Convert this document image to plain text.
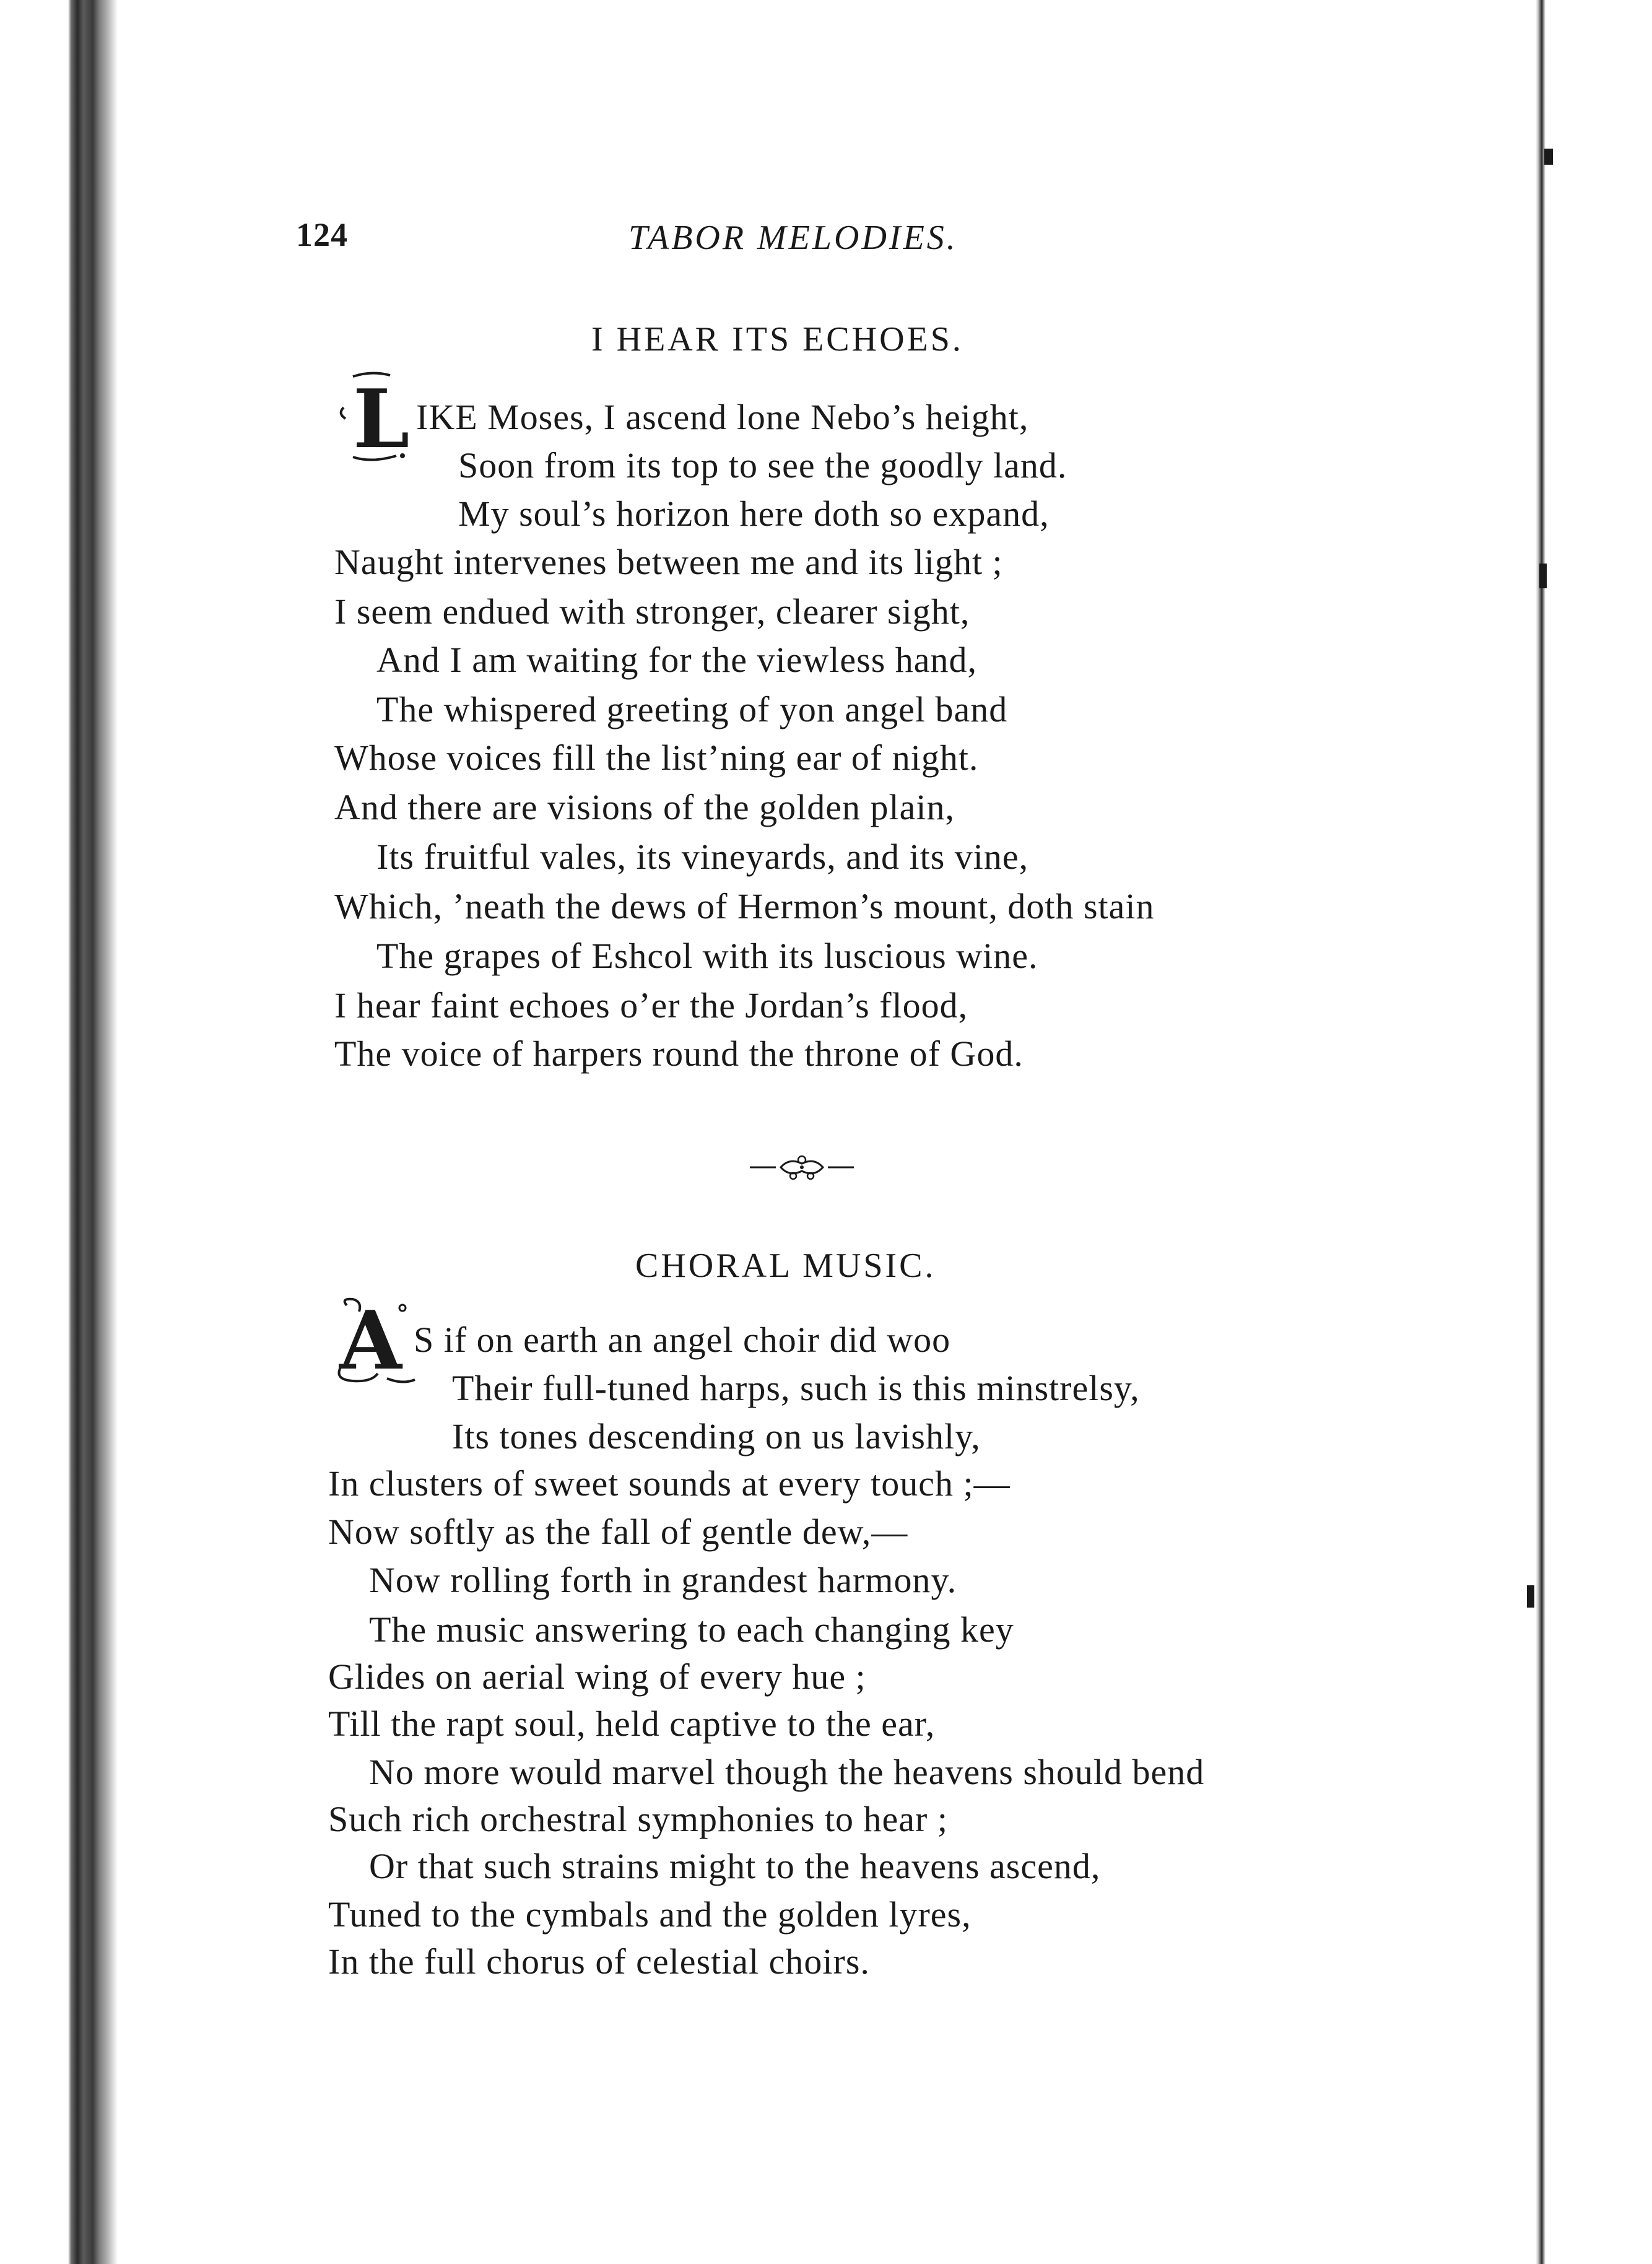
124	TABOR MELODIES.
I HEAR ITS ECHOES.
L IKE Moses, I ascend lone Nebo’s height,
Soon from its top to see the goodly land.
My soul’s horizon here doth so expand,
Naught intervenes between me and its light ;
I seem endued with stronger, clearer sight,
And I am waiting for the viewless hand,
The whispered greeting of yon angel band
Whose voices fill the list’ning ear of night.
And there are visions of the golden plain,
Its fruitful vales, its vineyards, and its vine,
Which, ’neath the dews of Hermon’s mount, doth stain
The grapes of Eshcol with its luscious wine.
I hear faint echoes o’er the Jordan’s flood,
The voice of harpers round the throne of God.
CHORAL MUSIC.
A S if on earth an angel choir did woo
Their full-tuned harps, such is this minstrelsy,
Its tones descending on us lavishly,
In clusters of sweet sounds at every touch ;—
Now softly as the fall of gentle dew,—
Now rolling forth in grandest harmony.
The music answering to each changing key
Glides on aerial wing of every hue ;
Till the rapt soul, held captive to the ear,
No more would marvel though the heavens should bend
Such rich orchestral symphonies to hear ;
Or that such strains might to the heavens ascend,
Tuned to the cymbals and the golden lyres,
In the full chorus of celestial choirs.
